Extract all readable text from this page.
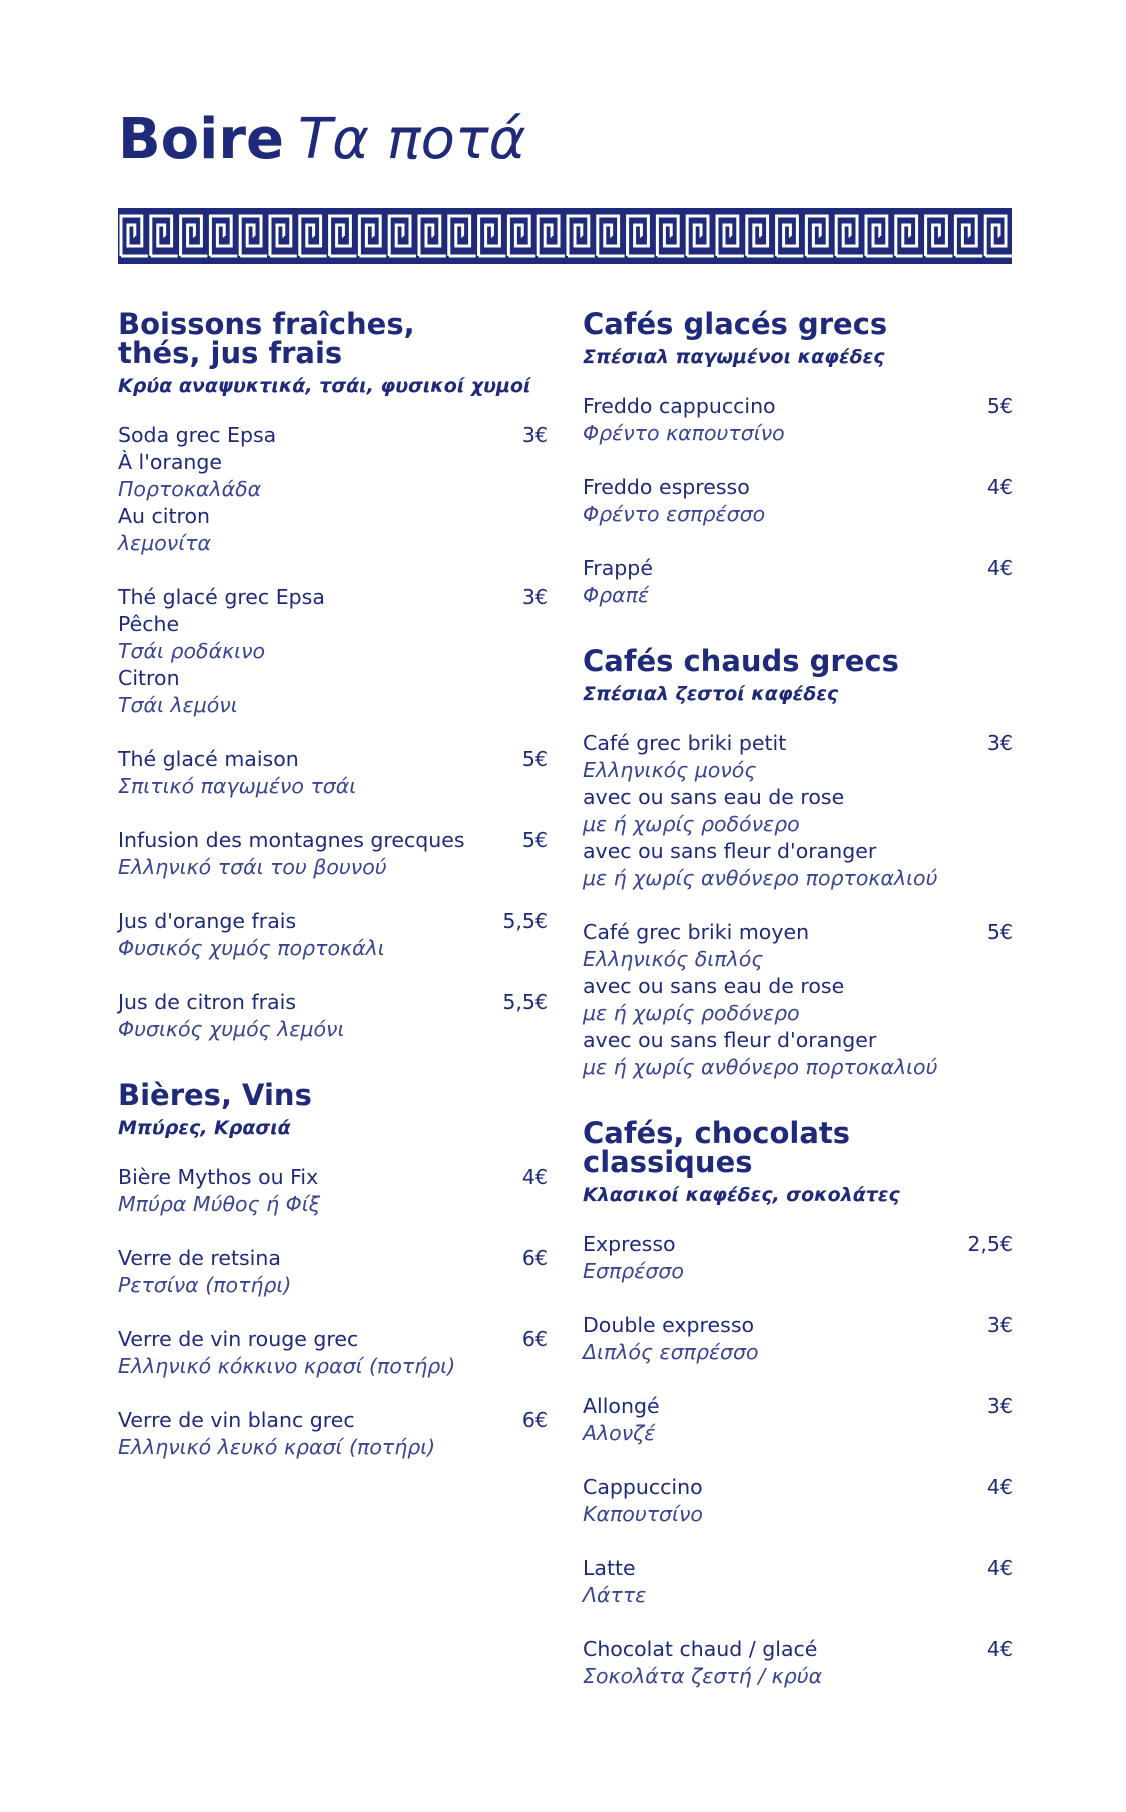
Boire Τα ποτά
Boissons fraîches, thés, jus frais
Κρύα αναψυκτικά, τσάι, φυσικοί χυμοί
Soda grec Epsa	3€
À l'orange
Πορτοκαλάδα
Au citron
λεμονίτα
Thé glacé grec Epsa	3€
Pêche
Τσάι ροδάκινο
Citron
Τσάι λεμόνι
Thé glacé maison	5€
Σπιτικό παγωμένο τσάι
Infusion des montagnes grecques	5€
Ελληνικό τσάι του βουνού
Jus d'orange frais	5,5€
Φυσικός χυμός πορτοκάλι
Jus de citron frais	5,5€
Φυσικός χυμός λεμόνι
Bières, Vins
Μπύρες, Κρασιά
Bière Mythos ou Fix	4€
Μπύρα Μύθος ή Φίξ
Verre de retsina	6€
Ρετσίνα (ποτήρι)
Verre de vin rouge grec	6€
Ελληνικό κόκκινο κρασί (ποτήρι)
Verre de vin blanc grec	6€
Ελληνικό λευκό κρασί (ποτήρι)
Cafés glacés grecs
Σπέσιαλ παγωμένοι καφέδες
Freddo cappuccino	5€
Φρέντο καπουτσίνο
Freddo espresso	4€
Φρέντο εσπρέσσο
Frappé	4€
Φραπέ
Cafés chauds grecs
Σπέσιαλ ζεστοί καφέδες
Café grec briki petit	3€
Ελληνικός μονός
avec ou sans eau de rose
με ή χωρίς ροδόνερο
avec ou sans fleur d'oranger
με ή χωρίς ανθόνερο πορτοκαλιού
Café grec briki moyen	5€
Ελληνικός διπλός
avec ou sans eau de rose
με ή χωρίς ροδόνερο
avec ou sans fleur d'oranger
με ή χωρίς ανθόνερο πορτοκαλιού
Cafés, chocolats classiques
Κλασικοί καφέδες, σοκολάτες
Expresso	2,5€
Εσπρέσσο
Double expresso	3€
Διπλός εσπρέσσο
Allongé	3€
Αλονζέ
Cappuccino	4€
Καπουτσίνο
Latte	4€
Λάττε
Chocolat chaud / glacé	4€
Σοκολάτα ζεστή / κρύα
